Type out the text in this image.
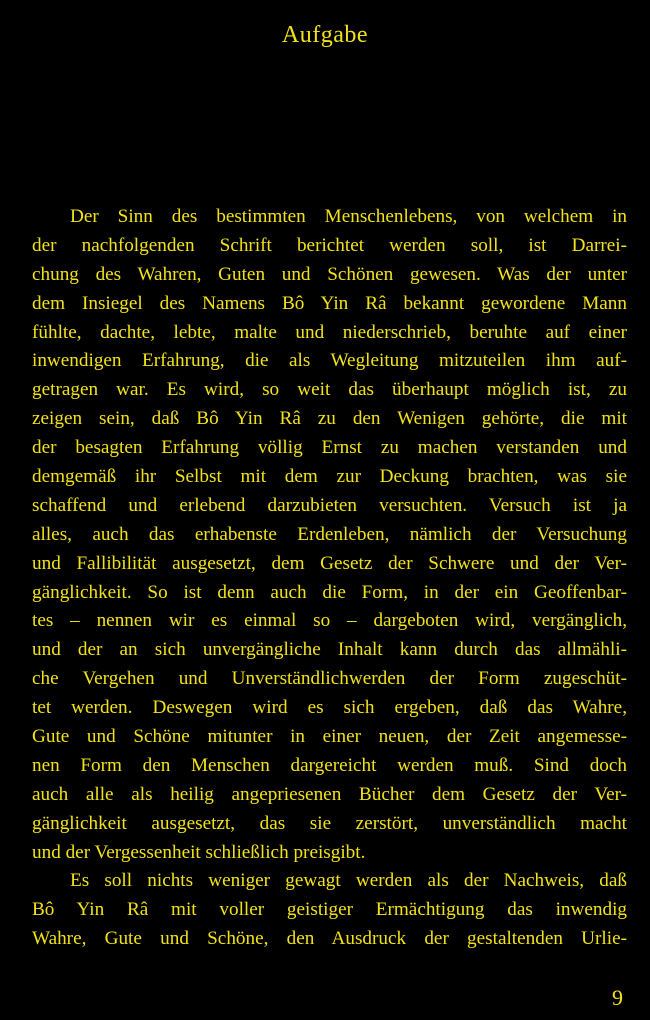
Aufgabe
Der Sinn des bestimmten Menschenlebens, von welchem in
der nachfolgenden Schrift berichtet werden soll, ist Darrei-
chung des Wahren, Guten und Schönen gewesen. Was der unter
dem Insiegel des Namens Bô Yin Râ bekannt gewordene Mann
fühlte, dachte, lebte, malte und niederschrieb, beruhte auf einer
inwendigen Erfahrung, die als Wegleitung mitzuteilen ihm auf-
getragen war. Es wird, so weit das überhaupt möglich ist, zu
zeigen sein, daß Bô Yin Râ zu den Wenigen gehörte, die mit
der besagten Erfahrung völlig Ernst zu machen verstanden und
demgemäß ihr Selbst mit dem zur Deckung brachten, was sie
schaffend und erlebend darzubieten versuchten. Versuch ist ja
alles, auch das erhabenste Erdenleben, nämlich der Versuchung
und Fallibilität ausgesetzt, dem Gesetz der Schwere und der Ver-
gänglichkeit. So ist denn auch die Form, in der ein Geoffenbar-
tes – nennen wir es einmal so – dargeboten wird, vergänglich,
und der an sich unvergängliche Inhalt kann durch das allmähli-
che Vergehen und Unverständlichwerden der Form zugeschüt-
tet werden. Deswegen wird es sich ergeben, daß das Wahre,
Gute und Schöne mitunter in einer neuen, der Zeit angemesse-
nen Form den Menschen dargereicht werden muß. Sind doch
auch alle als heilig angepriesenen Bücher dem Gesetz der Ver-
gänglichkeit ausgesetzt, das sie zerstört, unverständlich macht
und der Vergessenheit schließlich preisgibt.
Es soll nichts weniger gewagt werden als der Nachweis, daß
Bô Yin Râ mit voller geistiger Ermächtigung das inwendig
Wahre, Gute und Schöne, den Ausdruck der gestaltenden Urlie-
9
